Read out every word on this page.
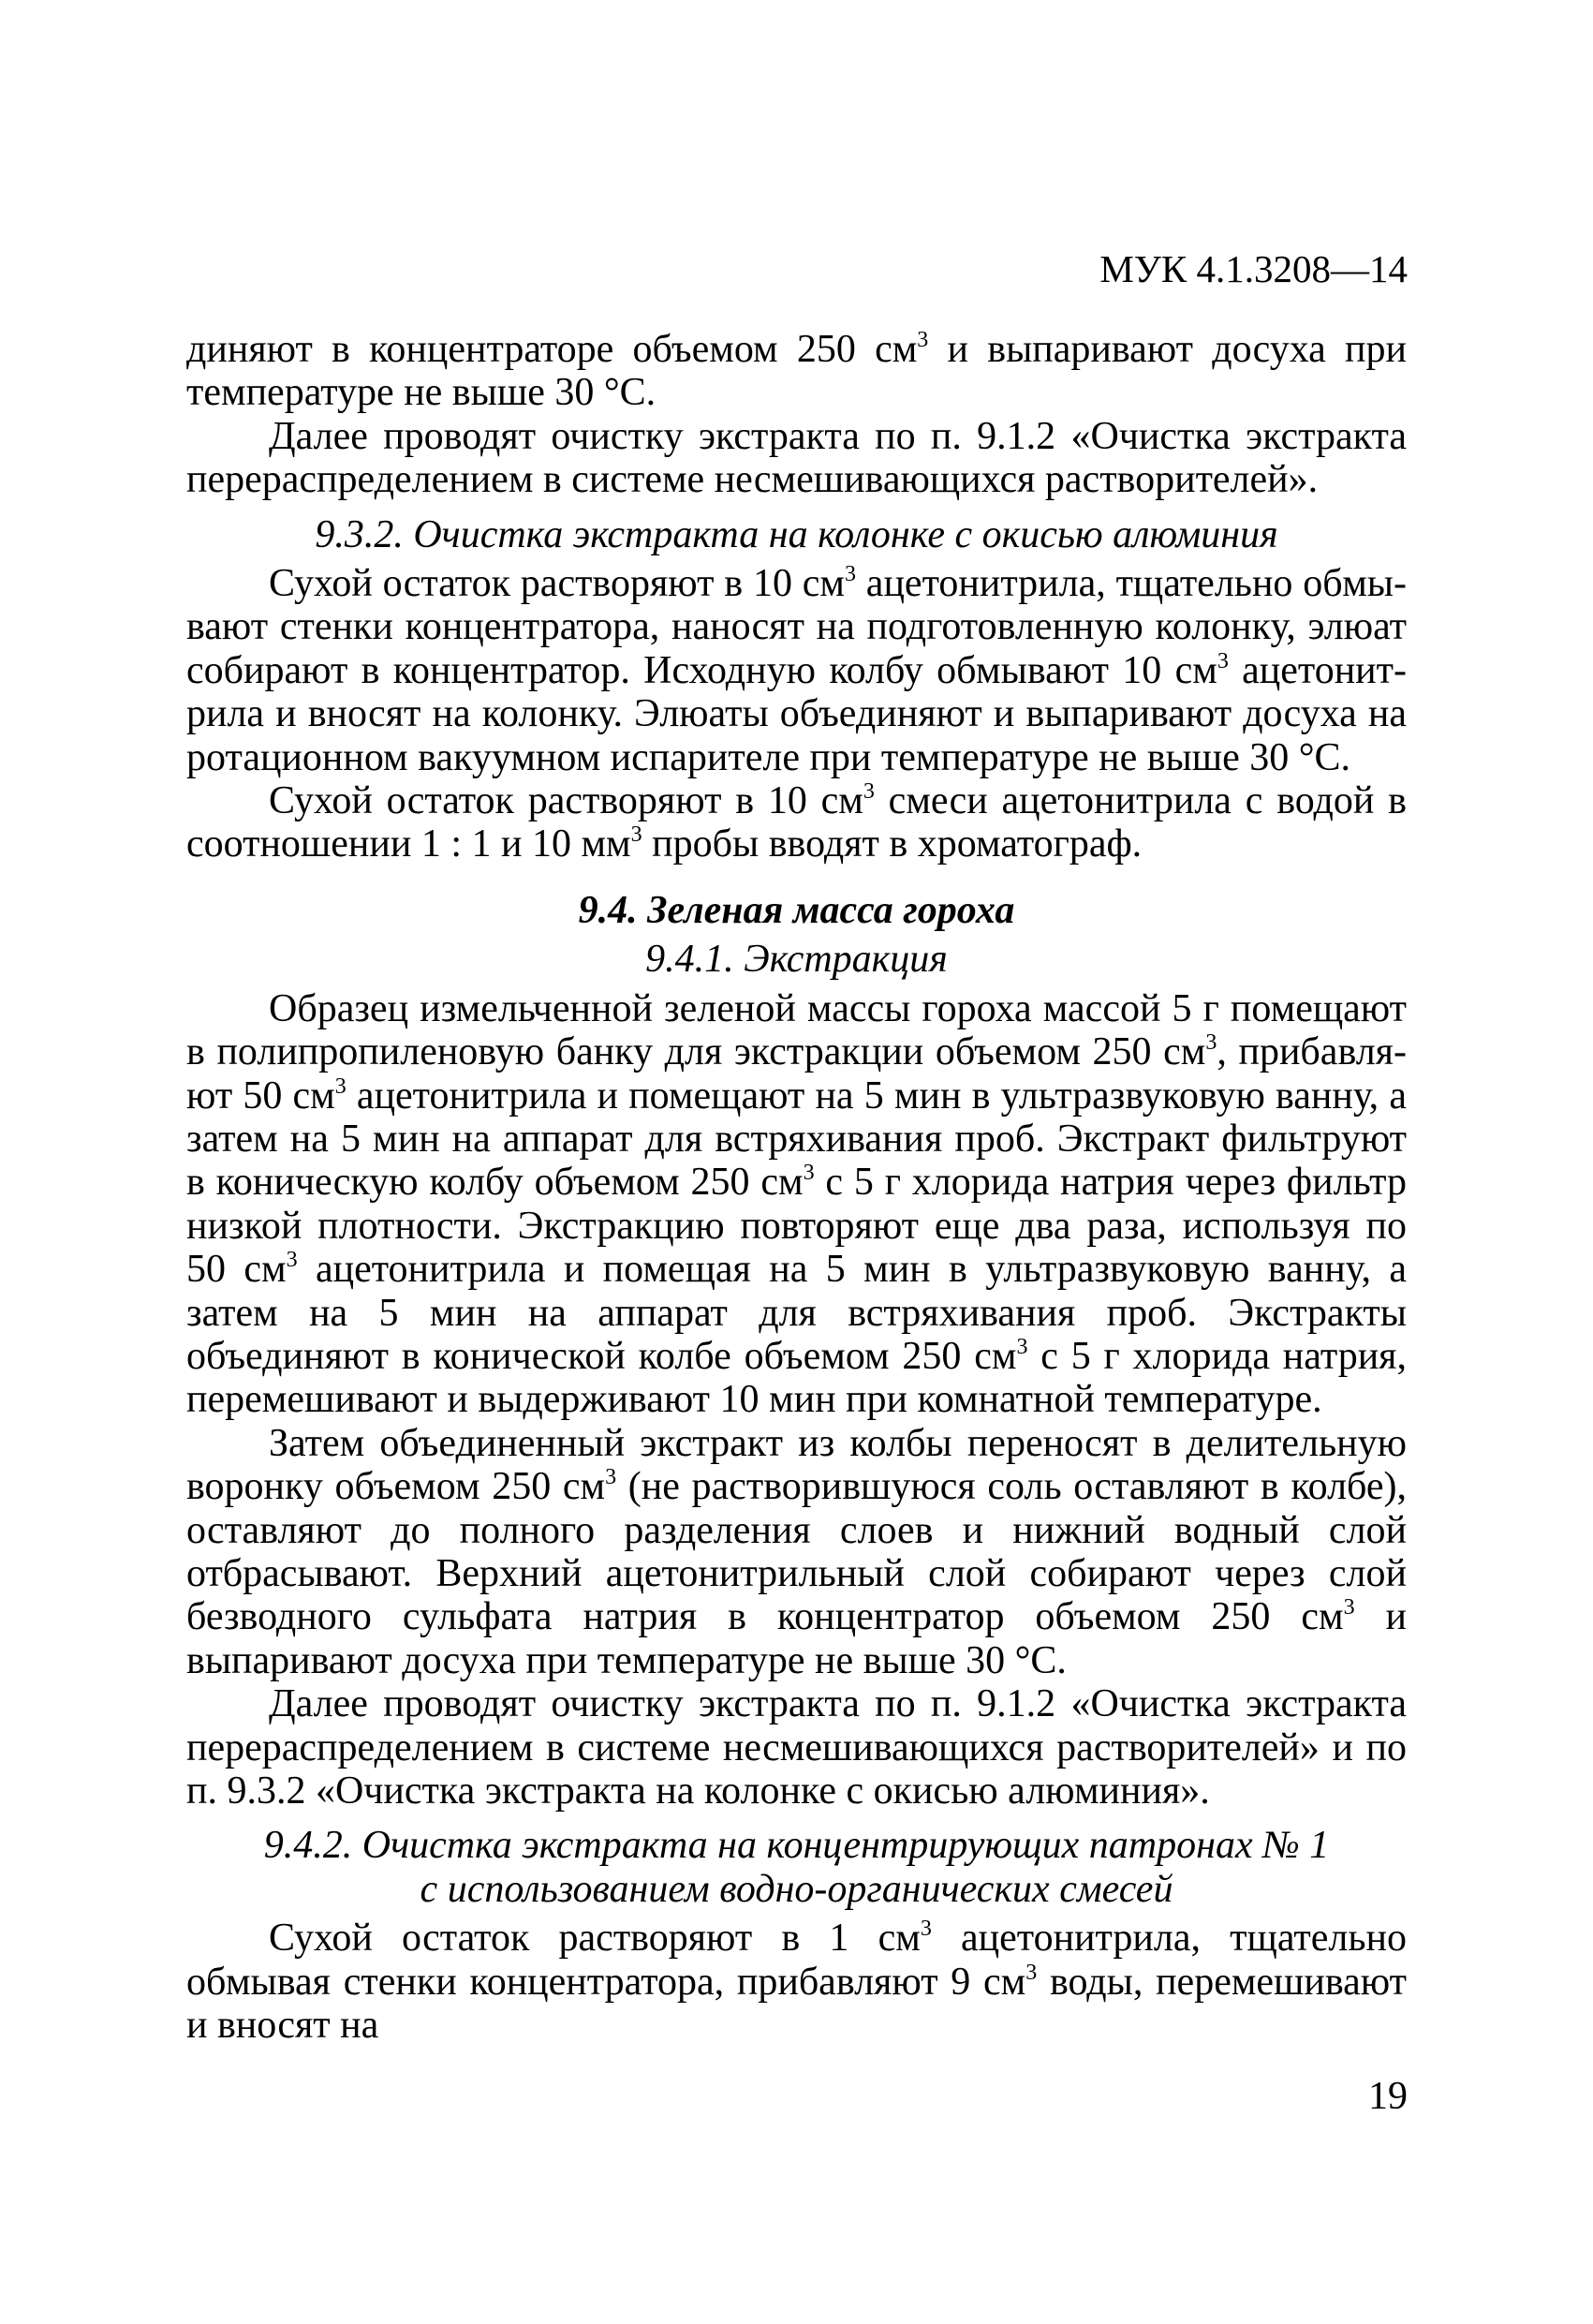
МУК 4.1.3208—14

диняют в концентраторе объемом 250 $см^3$ и выпаривают досуха при температуре не выше 30 °С.

Далее проводят очистку экстракта по п. 9.1.2 «Очистка экстракта перераспределением в системе несмешивающихся растворителей».

9.3.2. Очистка экстракта на колонке с окисью алюминия

Сухой остаток растворяют в 10 $см^3$ ацетонитрила, тщательно обмывают стенки концентратора, наносят на подготовленную колонку, элюат собирают в концентратор. Исходную колбу обмывают 10 $см^3$ ацетонитрила и вносят на колонку. Элюаты объединяют и выпаривают досуха на ротационном вакуумном испарителе при температуре не выше 30 °С.

Сухой остаток растворяют в 10 $см^3$ смеси ацетонитрила с водой в соотношении 1 : 1 и 10 $мм^3$ пробы вводят в хроматограф.

9.4. Зеленая масса гороха

9.4.1. Экстракция

Образец измельченной зеленой массы гороха массой 5 г помещают в полипропиленовую банку для экстракции объемом 250 $см^3$, прибавляют 50 $см^3$ ацетонитрила и помещают на 5 мин в ультразвуковую ванну, а затем на 5 мин на аппарат для встряхивания проб. Экстракт фильтруют в коническую колбу объемом 250 $см^3$ с 5 г хлорида натрия через фильтр низкой плотности. Экстракцию повторяют еще два раза, используя по 50 $см^3$ ацетонитрила и помещая на 5 мин в ультразвуковую ванну, а затем на 5 мин на аппарат для встряхивания проб. Экстракты объединяют в конической колбе объемом 250 $см^3$ с 5 г хлорида натрия, перемешивают и выдерживают 10 мин при комнатной температуре.

Затем объединенный экстракт из колбы переносят в делительную воронку объемом 250 $см^3$ (не растворившуюся соль оставляют в колбе), оставляют до полного разделения слоев и нижний водный слой отбрасывают. Верхний ацетонитрильный слой собирают через слой безводного сульфата натрия в концентратор объемом 250 $см^3$ и выпаривают досуха при температуре не выше 30 °С.

Далее проводят очистку экстракта по п. 9.1.2 «Очистка экстракта перераспределением в системе несмешивающихся растворителей» и по п. 9.3.2 «Очистка экстракта на колонке с окисью алюминия».

9.4.2. Очистка экстракта на концентрирующих патронах № 1
с использованием водно-органических смесей

Сухой остаток растворяют в 1 $см^3$ ацетонитрила, тщательно обмывая стенки концентратора, прибавляют 9 $см^3$ воды, перемешивают и вносят на

19
